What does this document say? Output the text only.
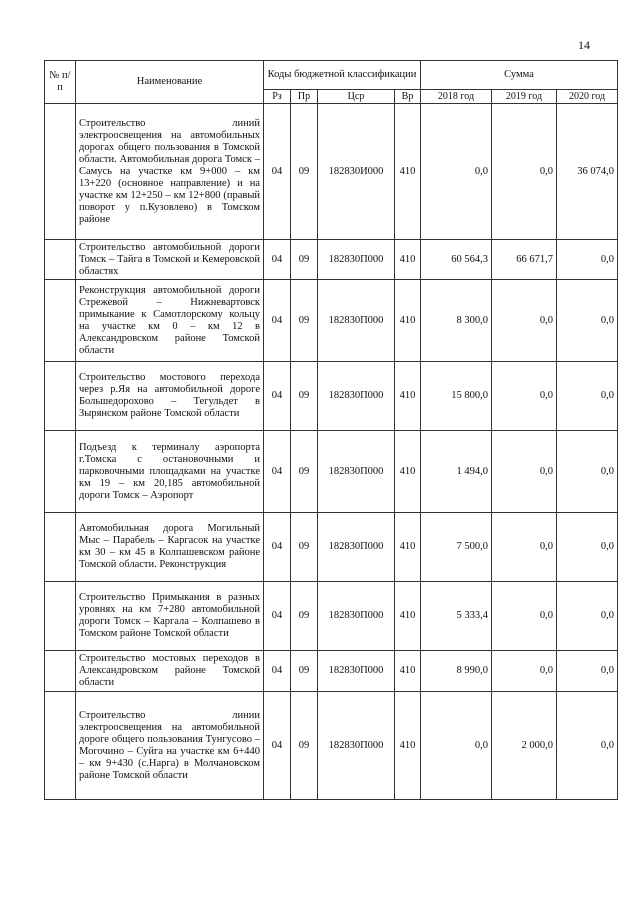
14
№ п/п	Наименование	Коды бюджетной классификации				Сумма		
		Рз	Пр	Цср	Вр	2018 год	2019 год	2020 год
	Строительство линий электроосвещения на автомобильных дорогах общего пользования в Томской области. Автомобильная дорога Томск – Самусь на участке км 9+000 – км 13+220 (основное направление) и на участке км 12+250 – км 12+800 (правый поворот у п.Кузовлево) в Томском районе	04	09	182830И000	410	0,0	0,0	36 074,0
	Строительство автомобильной дороги Томск – Тайга в Томской и Кемеровской областях	04	09	182830П000	410	60 564,3	66 671,7	0,0
	Реконструкция автомобильной дороги Стрежевой – Нижневартовск примыкание к Самотлорскому кольцу на участке км 0 – км 12 в Александровском районе Томской области	04	09	182830П000	410	8 300,0	0,0	0,0
	Строительство мостового перехода через р.Яя на автомобильной дороге Большедорохово – Тегульдет в Зырянском районе Томской области	04	09	182830П000	410	15 800,0	0,0	0,0
	Подъезд к терминалу аэропорта г.Томска с остановочными и парковочными площадками на участке км 19 – км 20,185 автомобильной дороги Томск – Аэропорт	04	09	182830П000	410	1 494,0	0,0	0,0
	Автомобильная дорога Могильный Мыс – Парабель – Каргасок на участке км 30 – км 45 в Колпашевском районе Томской области. Реконструкция	04	09	182830П000	410	7 500,0	0,0	0,0
	Строительство Примыкания в разных уровнях на км 7+280 автомобильной дороги Томск – Каргала – Колпашево в Томском районе Томской области	04	09	182830П000	410	5 333,4	0,0	0,0
	Строительство мостовых переходов в Александровском районе Томской области	04	09	182830П000	410	8 990,0	0,0	0,0
	Строительство линии электроосвещения на автомобильной дороге общего пользования Тунгусово – Могочино – Суйга на участке км 6+440 – км 9+430 (с.Нарга) в Молчановском районе Томской области	04	09	182830П000	410	0,0	2 000,0	0,0
